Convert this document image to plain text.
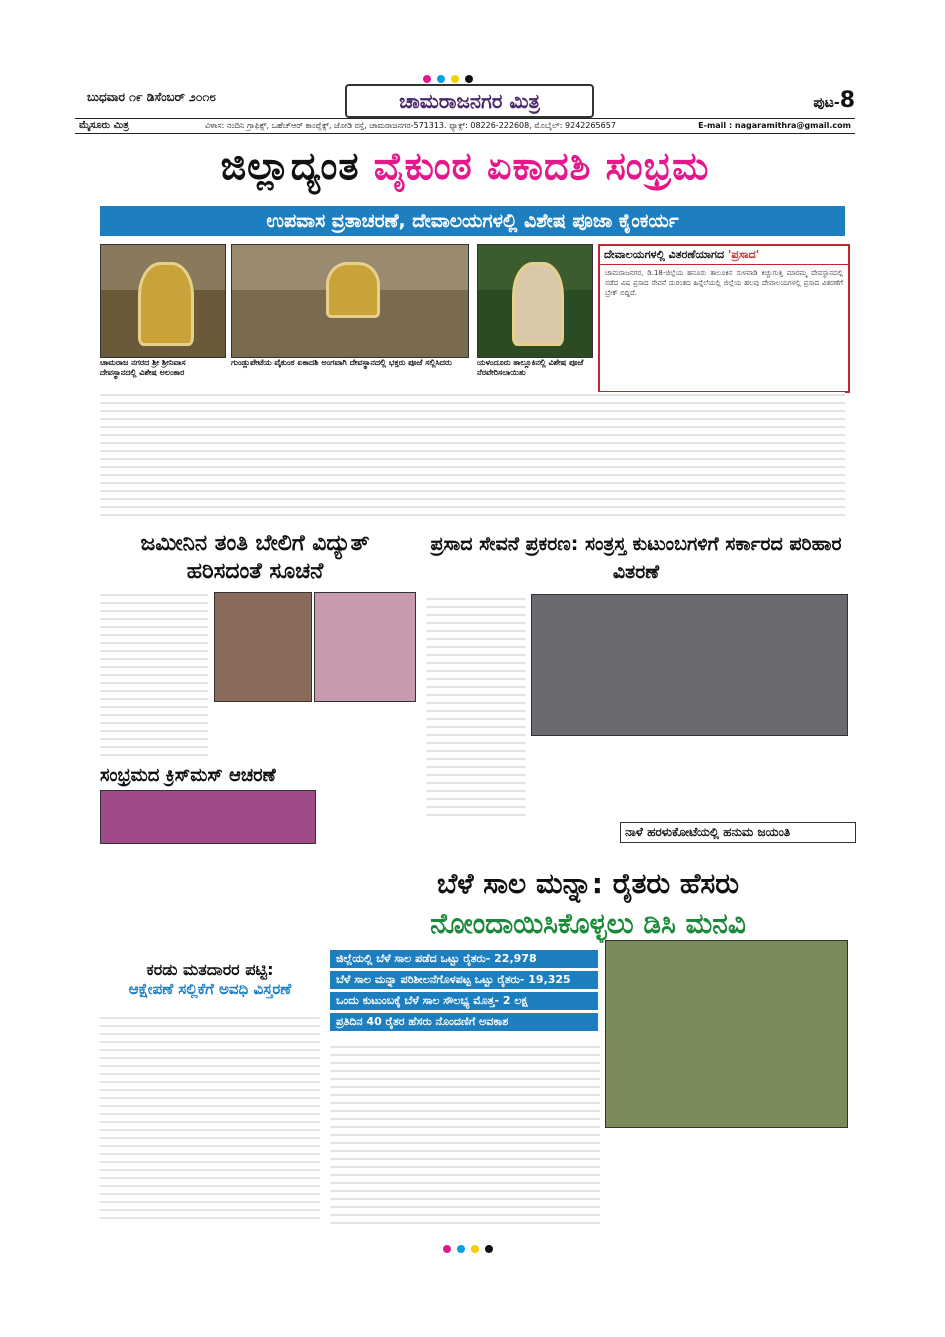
ಬುಧವಾರ ೧೯ ಡಿಸೆಂಬರ್ ೨೦೧೮	ಚಾಮರಾಜನಗರ ಮಿತ್ರ	ಪುಟ-8
ಮೈಸೂರು ಮಿತ್ರ	ವಿಳಾಸ: ನಂದಿನಿ ಗ್ರಾಫಿಕ್ಸ್, ಒಹೆಚ್ಆರ್ ಕಾಂಪ್ಲೆಕ್ಸ್, ಜೋಡಿ ರಸ್ತೆ, ಚಾಮರಾಜನಗರ-571313. ಫ್ಯಾಕ್ಸ್: 08226-222608, ಮೊಬೈಲ್: 9242265657	E-mail : nagaramithra@gmail.com
ಜಿಲ್ಲಾದ್ಯಂತ ವೈಕುಂಠ ಏಕಾದಶಿ ಸಂಭ್ರಮ
ಉಪವಾಸ ವ್ರತಾಚರಣೆ, ದೇವಾಲಯಗಳಲ್ಲಿ ವಿಶೇಷ ಪೂಜಾ ಕೈಂಕರ್ಯ
ಚಾಮರಾಜ ನಗರದ ಶ್ರೀ ಶ್ರೀನಿವಾಸ ದೇವಸ್ಥಾನದಲ್ಲಿ ವಿಶೇಷ ಅಲಂಕಾರ
ಗುಂಡ್ಲುಪೇಟೆಯ ವೈಕುಂಠ ಏಕಾದಶಿ ಅಂಗವಾಗಿ ದೇವಸ್ಥಾನದಲ್ಲಿ ಭಕ್ತರು ಪೂಜೆ ಸಲ್ಲಿಸಿದರು	ಯಳಂದೂರು ತಾಲ್ಲೂಕಿನಲ್ಲಿ ವಿಶೇಷ ಪೂಜೆ ನೆರವೇರಿಸಲಾಯಿತು
ದೇವಾಲಯಗಳಲ್ಲಿ ವಿತರಣೆಯಾಗದ 'ಪ್ರಸಾದ'
ಚಾಮರಾಜನಗರ, ಡಿ.18-ಜಿಲ್ಲೆಯ ಹನೂರು ತಾಲೂಕಿನ ಸುಳವಾಡಿ ಕಿಚ್ಚುಗುತ್ತಿ ಮಾರಮ್ಮ ದೇವಸ್ಥಾನದಲ್ಲಿ ನಡೆದ ವಿಷ ಪ್ರಸಾದ ಸೇವನೆ ದುರಂತದ ಹಿನ್ನೆಲೆಯಲ್ಲಿ ಜಿಲ್ಲೆಯ ಹಲವು ದೇವಾಲಯಗಳಲ್ಲಿ ಪ್ರಸಾದ ವಿತರಣೆಗೆ ಬ್ರೇಕ್ ಬಿದ್ದಿದೆ.
ಜಮೀನಿನ ತಂತಿ ಬೇಲಿಗೆ ವಿದ್ಯುತ್ ಹರಿಸದಂತೆ ಸೂಚನೆ
ಪ್ರಸಾದ ಸೇವನೆ ಪ್ರಕರಣ: ಸಂತ್ರಸ್ತ ಕುಟುಂಬಗಳಿಗೆ ಸರ್ಕಾರದ ಪರಿಹಾರ ವಿತರಣೆ
ಸಂಭ್ರಮದ ಕ್ರಿಸ್‌ಮಸ್ ಆಚರಣೆ
ನಾಳೆ ಹರಳುಕೋಟೆಯಲ್ಲಿ ಹನುಮ ಜಯಂತಿ
ಬೆಳೆ ಸಾಲ ಮನ್ನಾ: ರೈತರು ಹೆಸರು
ನೋಂದಾಯಿಸಿಕೊಳ್ಳಲು ಡಿಸಿ ಮನವಿ
ಜಿಲ್ಲೆಯಲ್ಲಿ ಬೆಳೆ ಸಾಲ ಪಡೆದ ಒಟ್ಟು ರೈತರು- 22,978
ಬೆಳೆ ಸಾಲ ಮನ್ನಾ ಪರಿಶೀಲನೆಗೊಳಪಟ್ಟ ಒಟ್ಟು ರೈತರು- 19,325
ಒಂದು ಕುಟುಂಬಕ್ಕೆ ಬೆಳೆ ಸಾಲ ಸೌಲಭ್ಯ ಮೊತ್ತ- 2 ಲಕ್ಷ
ಪ್ರತಿದಿನ 40 ರೈತರ ಹೆಸರು ನೊಂದಣಿಗೆ ಅವಕಾಶ
ಕರಡು ಮತದಾರರ ಪಟ್ಟಿ:
ಆಕ್ಷೇಪಣೆ ಸಲ್ಲಿಕೆಗೆ ಅವಧಿ ವಿಸ್ತರಣೆ
